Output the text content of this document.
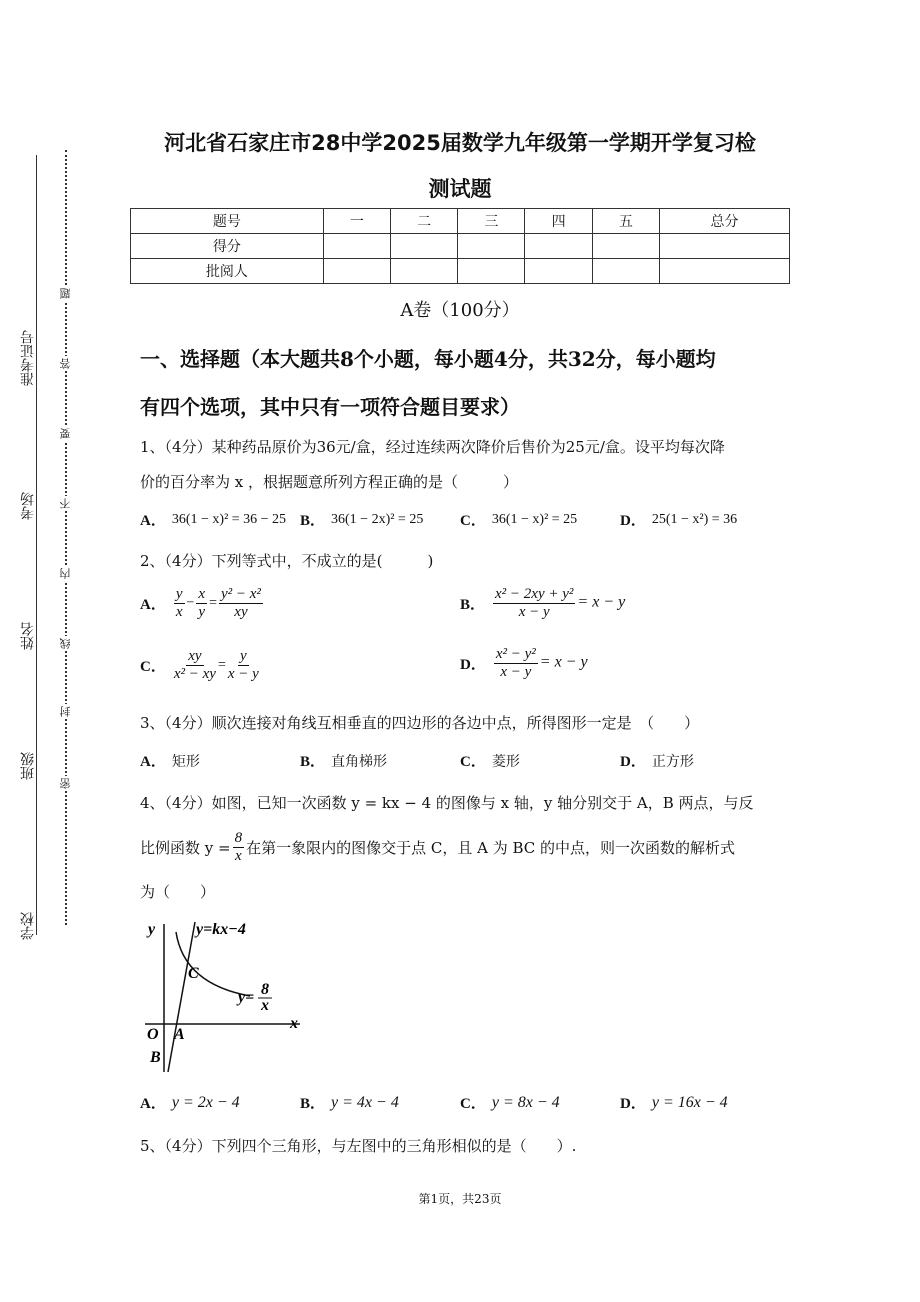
学校
班级
姓名
考场
准考证号
题
答
要
不
内
线
封
密
河北省石家庄市28中学2025届数学九年级第一学期开学复习检
测试题
题号	一	二	三	四	五	总分
得分						
批阅人						
A卷（100分）
一、选择题（本大题共8个小题，每小题4分，共32分，每小题均
有四个选项，其中只有一项符合题目要求）
1、（4分）某种药品原价为36元/盒，经过连续两次降价后售价为25元/盒。设平均每次降
价的百分率为 x ，根据题意所列方程正确的是（　　　）
A． 36(1 − x)² = 36 − 25 B． 36(1 − 2x)² = 25 C． 36(1 − x)² = 25	D． 25(1 − x²) = 36
2、（4分）下列等式中，不成立的是(　　　)
A． $\frac{y}{x} - \frac{x}{y} = \frac{\text{y² − x²}}{xy}$	B． $\frac{\text{x² − 2xy + y²}}{x - y} = x - y$
C． $\frac{xy}{\text{x² − xy}} = \frac{y}{x - y}$	D． $\frac{\text{x² − y²}}{x - y} = x - y$
3、（4分）顺次连接对角线互相垂直的四边形的各边中点，所得图形一定是　（　　）
A． 矩形	B． 直角梯形	C． 菱形	D． 正方形
4、（4分）如图，已知一次函数 y = kx − 4 的图像与 x 轴，y 轴分别交于 A，B 两点，与反
比例函数 $y = \frac{8}{x}$ 在第一象限内的图像交于点 C，且 A 为 BC 的中点，则一次函数的解析式
为（　　）
y
x
O A
B
C
y=kx−4
y= 8
x
A． y = 2x − 4	B． y = 4x − 4	C． y = 8x − 4	D． y = 16x − 4
5、（4分）下列四个三角形，与左图中的三角形相似的是（　　）.
第1页，共23页
